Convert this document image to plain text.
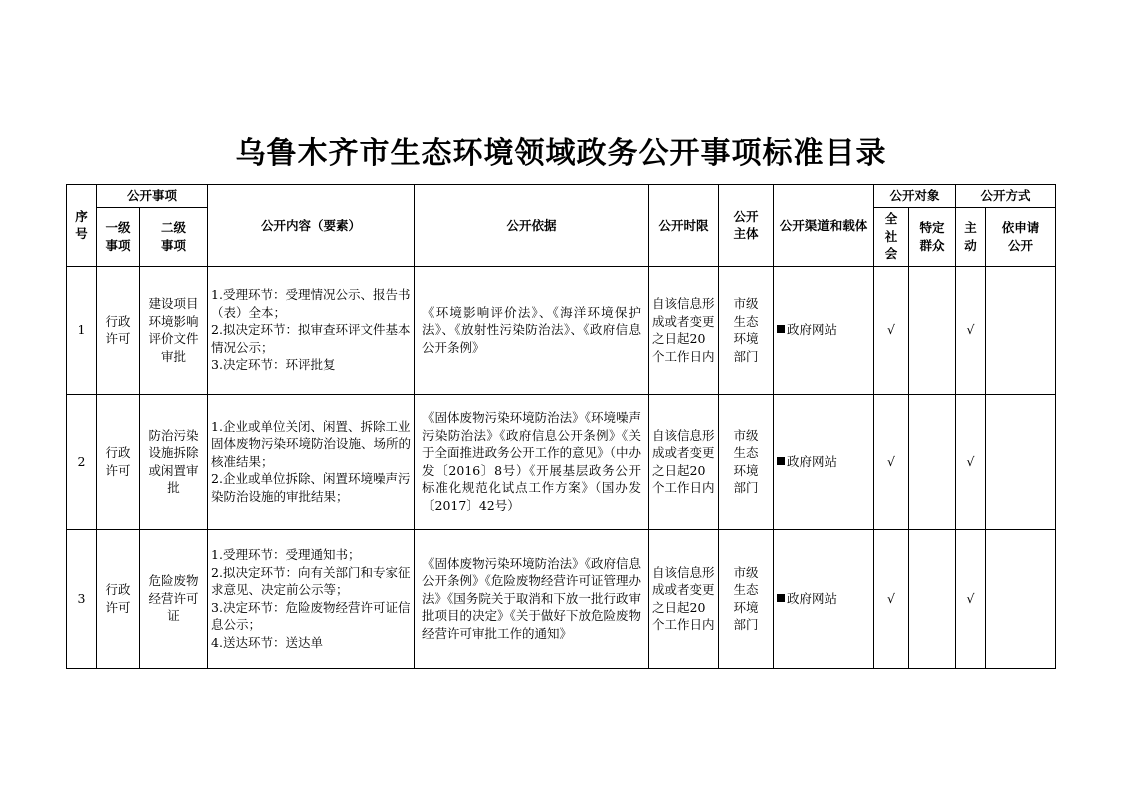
乌鲁木齐市生态环境领域政务公开事项标准目录
序号	公开事项		公开内容（要素）	公开依据	公开时限	公开主体	公开渠道和载体	公开对象		公开方式	
	一级事项	二级事项						全社会	特定群众	主动	依申请公开
1	行政许可	建设项目环境影响评价文件审批	1.受理环节：受理情况公示、报告书（表）全本；
2.拟决定环节：拟审查环评文件基本情况公示；
3.决定环节：环评批复	《环境影响评价法》、《海洋环境保护法》、《放射性污染防治法》、《政府信息公开条例》	自该信息形成或者变更之日起20个工作日内	市级生态环境部门	政府网站	√		√	
2	行政许可	防治污染设施拆除或闲置审批	1.企业或单位关闭、闲置、拆除工业固体废物污染环境防治设施、场所的核准结果；
2.企业或单位拆除、闲置环境噪声污染防治设施的审批结果；	《固体废物污染环境防治法》《环境噪声污染防治法》《政府信息公开条例》《关于全面推进政务公开工作的意见》（中办发〔2016〕8号）《开展基层政务公开标准化规范化试点工作方案》（国办发〔2017〕42号）	自该信息形成或者变更之日起20个工作日内	市级生态环境部门	政府网站	√		√	
3	行政许可	危险废物经营许可证	1.受理环节：受理通知书；
2.拟决定环节：向有关部门和专家征求意见、决定前公示等；
3.决定环节：危险废物经营许可证信息公示；
4.送达环节：送达单	《固体废物污染环境防治法》《政府信息公开条例》《危险废物经营许可证管理办法》《国务院关于取消和下放一批行政审批项目的决定》《关于做好下放危险废物经营许可审批工作的通知》	自该信息形成或者变更之日起20个工作日内	市级生态环境部门	政府网站	√		√	
